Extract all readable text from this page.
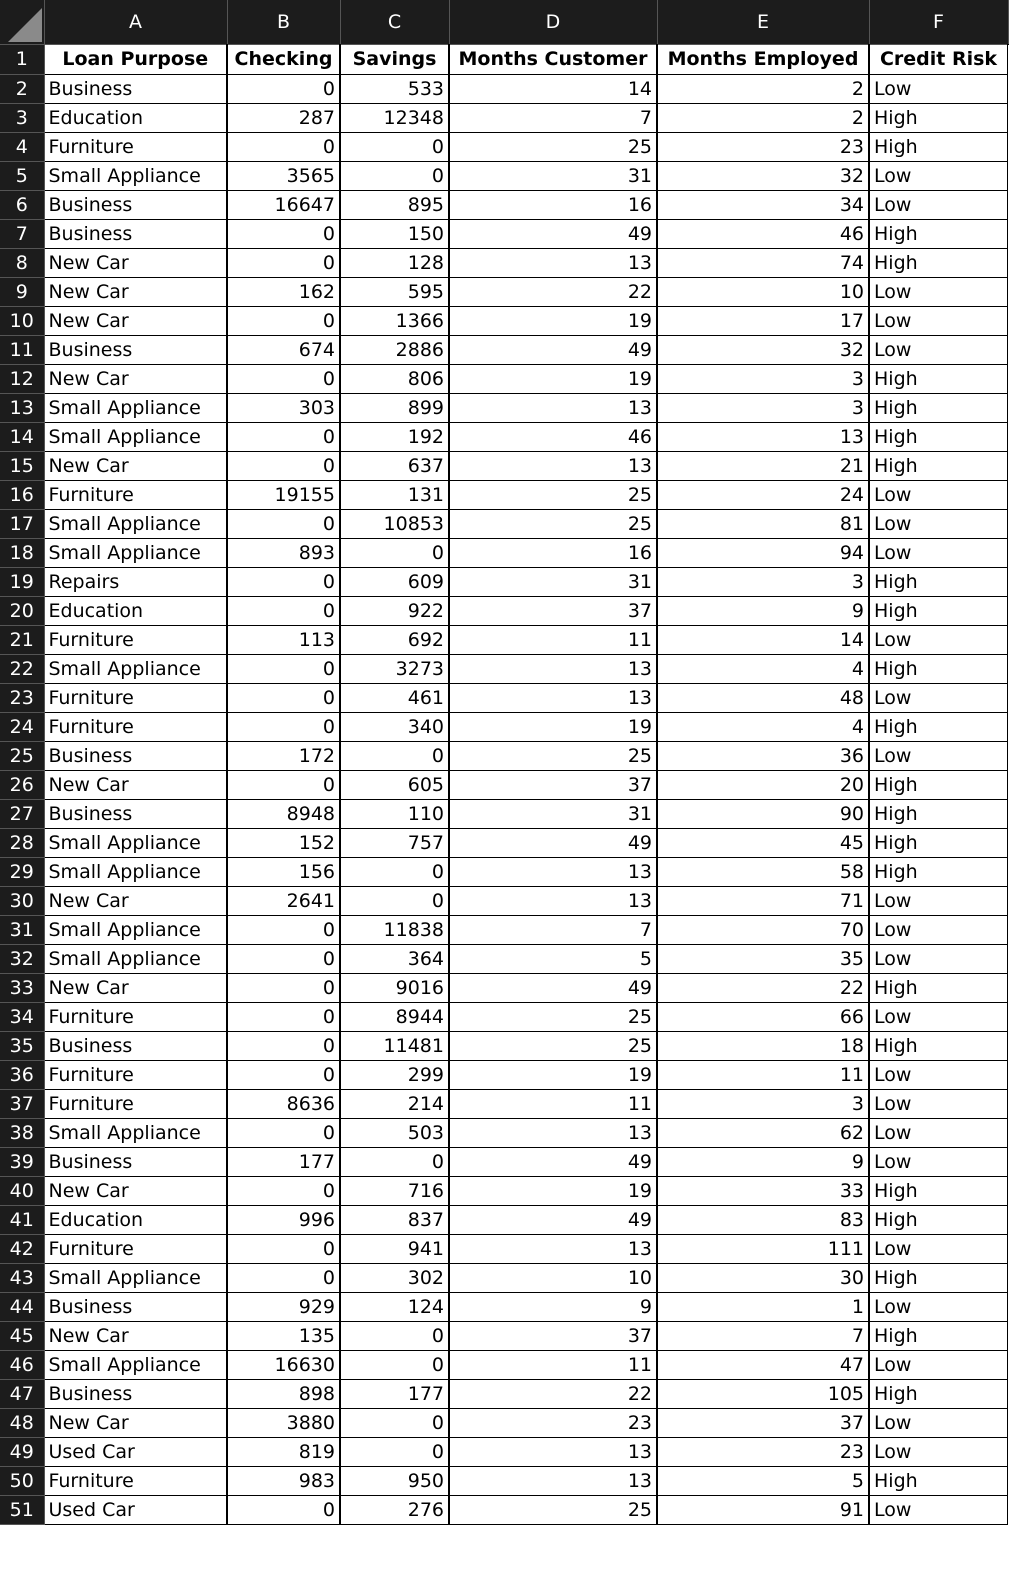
	A	B	C	D	E	F
1	Loan Purpose	Checking	Savings	Months Customer	Months Employed	Credit Risk
2	Business	0	533	14	2	Low
3	Education	287	12348	7	2	High
4	Furniture	0	0	25	23	High
5	Small Appliance	3565	0	31	32	Low
6	Business	16647	895	16	34	Low
7	Business	0	150	49	46	High
8	New Car	0	128	13	74	High
9	New Car	162	595	22	10	Low
10	New Car	0	1366	19	17	Low
11	Business	674	2886	49	32	Low
12	New Car	0	806	19	3	High
13	Small Appliance	303	899	13	3	High
14	Small Appliance	0	192	46	13	High
15	New Car	0	637	13	21	High
16	Furniture	19155	131	25	24	Low
17	Small Appliance	0	10853	25	81	Low
18	Small Appliance	893	0	16	94	Low
19	Repairs	0	609	31	3	High
20	Education	0	922	37	9	High
21	Furniture	113	692	11	14	Low
22	Small Appliance	0	3273	13	4	High
23	Furniture	0	461	13	48	Low
24	Furniture	0	340	19	4	High
25	Business	172	0	25	36	Low
26	New Car	0	605	37	20	High
27	Business	8948	110	31	90	High
28	Small Appliance	152	757	49	45	High
29	Small Appliance	156	0	13	58	High
30	New Car	2641	0	13	71	Low
31	Small Appliance	0	11838	7	70	Low
32	Small Appliance	0	364	5	35	Low
33	New Car	0	9016	49	22	High
34	Furniture	0	8944	25	66	Low
35	Business	0	11481	25	18	High
36	Furniture	0	299	19	11	Low
37	Furniture	8636	214	11	3	Low
38	Small Appliance	0	503	13	62	Low
39	Business	177	0	49	9	Low
40	New Car	0	716	19	33	High
41	Education	996	837	49	83	High
42	Furniture	0	941	13	111	Low
43	Small Appliance	0	302	10	30	High
44	Business	929	124	9	1	Low
45	New Car	135	0	37	7	High
46	Small Appliance	16630	0	11	47	Low
47	Business	898	177	22	105	High
48	New Car	3880	0	23	37	Low
49	Used Car	819	0	13	23	Low
50	Furniture	983	950	13	5	High
51	Used Car	0	276	25	91	Low
